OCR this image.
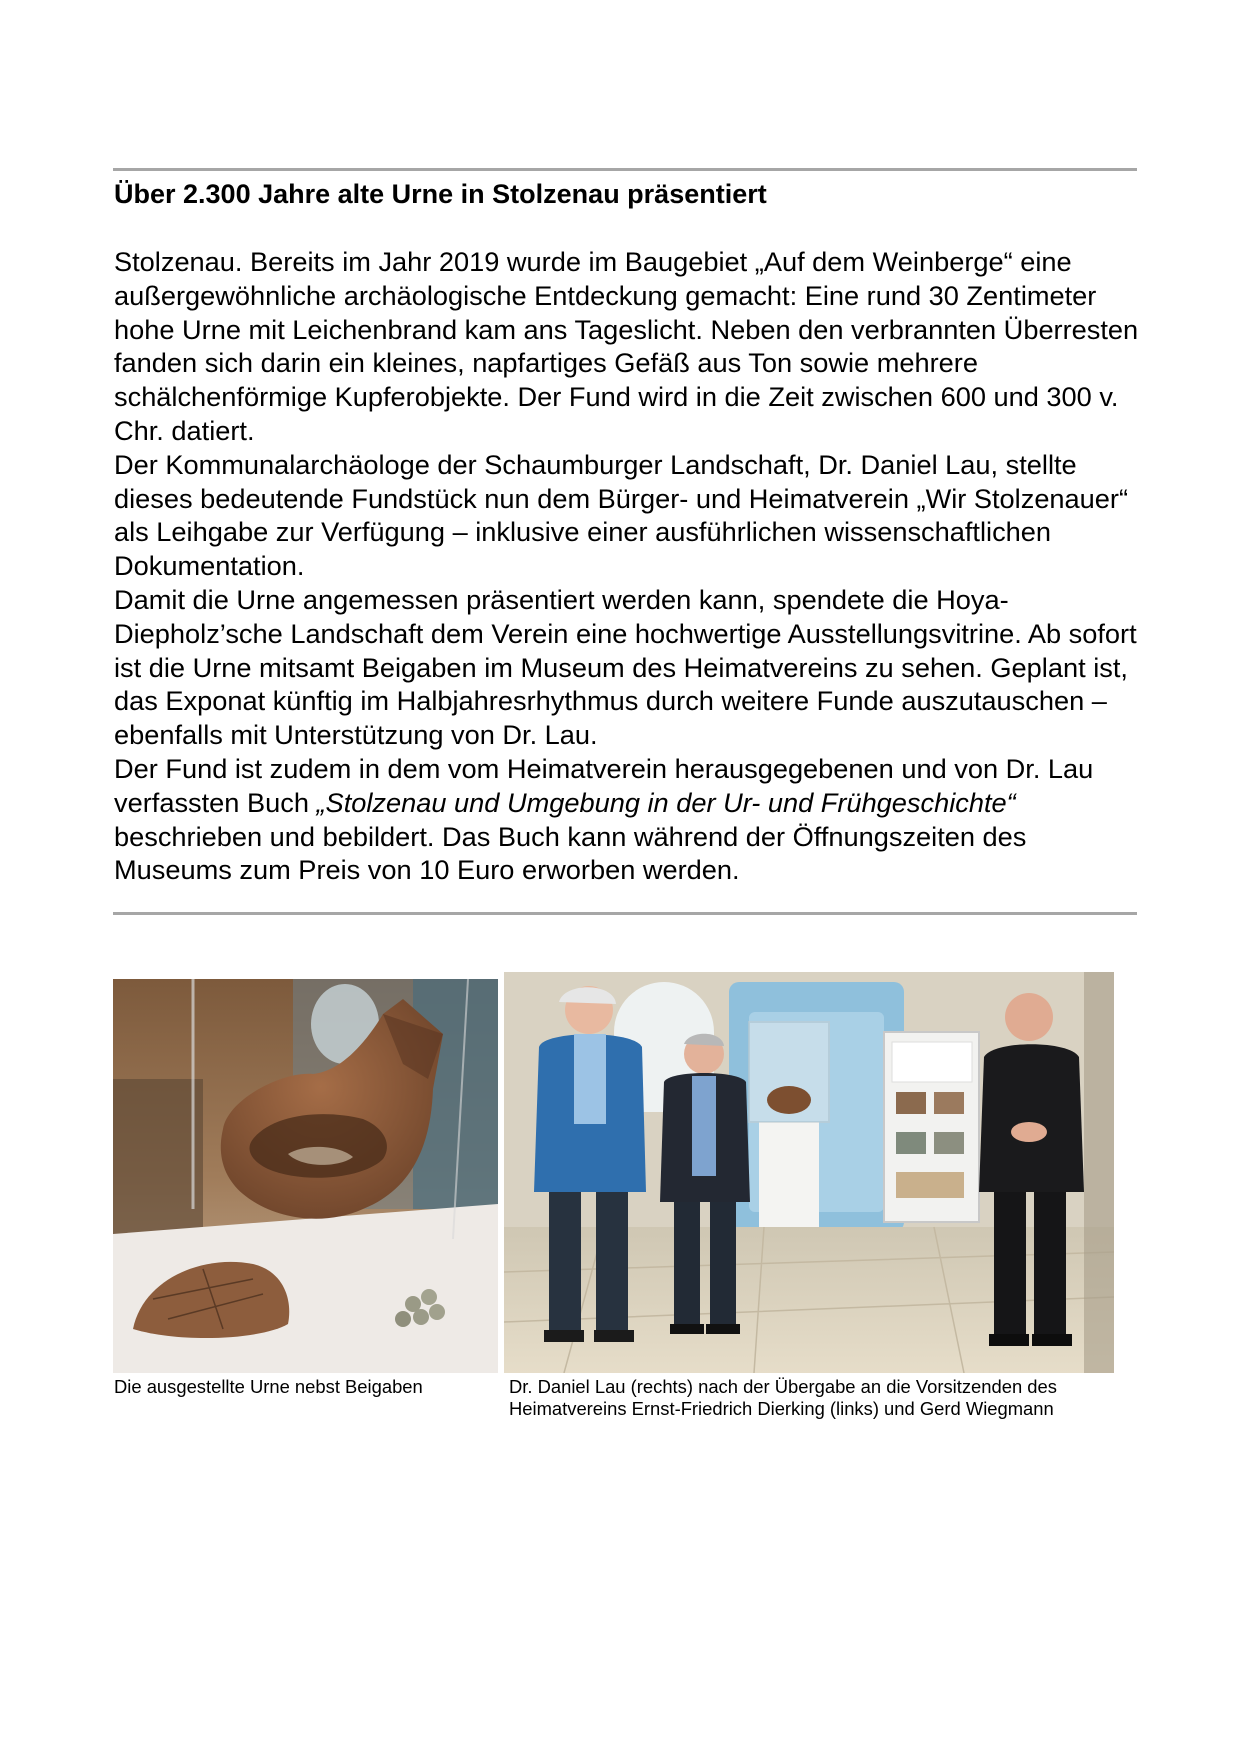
Über 2.300 Jahre alte Urne in Stolzenau präsentiert

Stolzenau. Bereits im Jahr 2019 wurde im Baugebiet „Auf dem Weinberge“ eine außergewöhnliche archäologische Entdeckung gemacht: Eine rund 30 Zentimeter hohe Urne mit Leichenbrand kam ans Tageslicht. Neben den verbrannten Überresten fanden sich darin ein kleines, napfartiges Gefäß aus Ton sowie mehrere schälchenförmige Kupferobjekte. Der Fund wird in die Zeit zwischen 600 und 300 v. Chr. datiert.

Der Kommunalarchäologe der Schaumburger Landschaft, Dr. Daniel Lau, stellte dieses bedeutende Fundstück nun dem Bürger- und Heimatverein „Wir Stolzenauer“ als Leihgabe zur Verfügung – inklusive einer ausführlichen wissenschaftlichen Dokumentation.

Damit die Urne angemessen präsentiert werden kann, spendete die Hoya-Diepholz’sche Landschaft dem Verein eine hochwertige Ausstellungsvitrine. Ab sofort ist die Urne mitsamt Beigaben im Museum des Heimatvereins zu sehen. Geplant ist, das Exponat künftig im Halbjahresrhythmus durch weitere Funde auszutauschen – ebenfalls mit Unterstützung von Dr. Lau.

Der Fund ist zudem in dem vom Heimatverein herausgegebenen und von Dr. Lau verfassten Buch „Stolzenau und Umgebung in der Ur- und Frühgeschichte“ beschrieben und bebildert. Das Buch kann während der Öffnungszeiten des Museums zum Preis von 10 Euro erworben werden.

Die ausgestellte Urne nebst Beigaben	Dr. Daniel Lau (rechts) nach der Übergabe an die Vorsitzenden des
Heimatvereins Ernst-Friedrich Dierking (links) und Gerd Wiegmann
